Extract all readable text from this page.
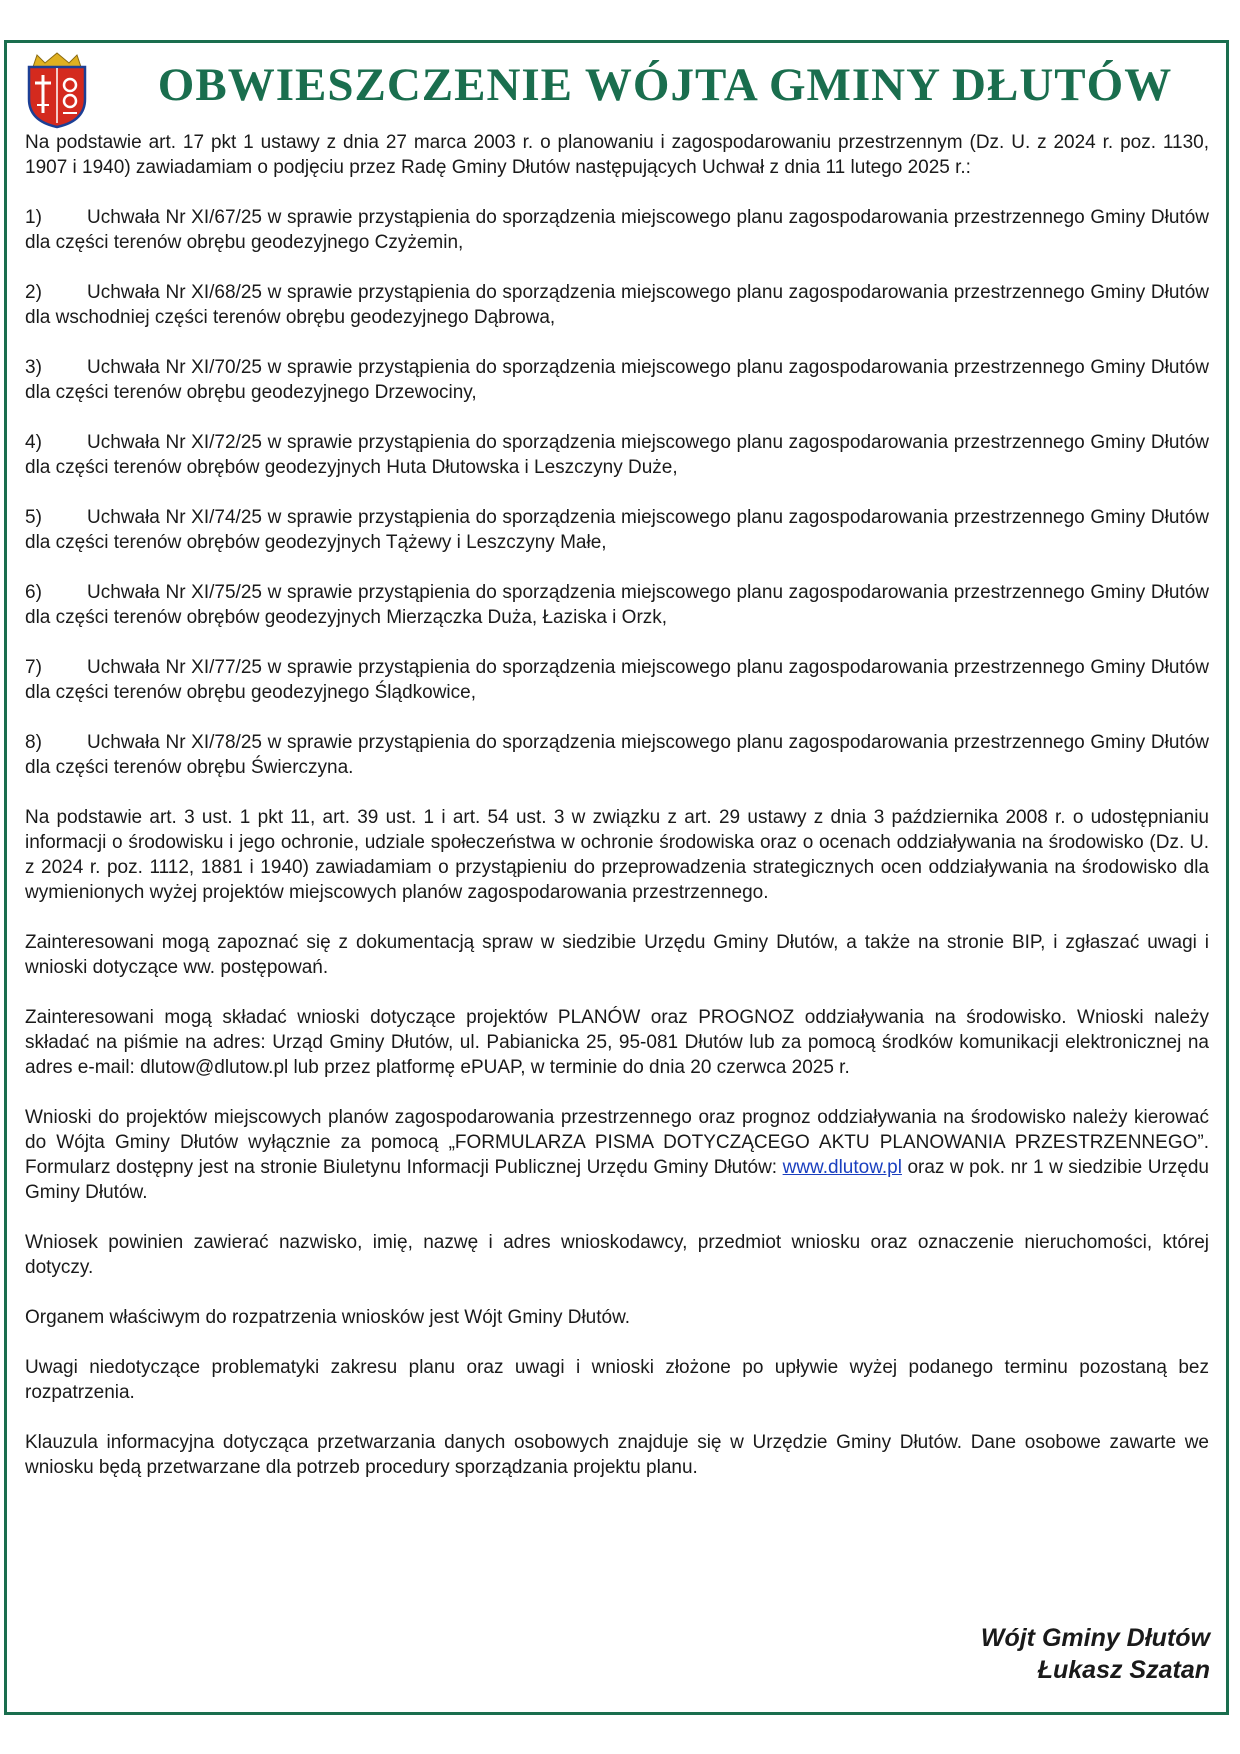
OBWIESZCZENIE WÓJTA GMINY DŁUTÓW

Na podstawie art. 17 pkt 1 ustawy z dnia 27 marca 2003 r. o planowaniu i zagospodarowaniu przestrzennym (Dz. U. z 2024 r. poz. 1130, 1907 i 1940) zawiadamiam o podjęciu przez Radę Gminy Dłutów następujących Uchwał z dnia 11 lutego 2025 r.:

1) Uchwała Nr XI/67/25 w sprawie przystąpienia do sporządzenia miejscowego planu zagospodarowania przestrzennego Gminy Dłutów dla części terenów obrębu geodezyjnego Czyżemin,

2) Uchwała Nr XI/68/25 w sprawie przystąpienia do sporządzenia miejscowego planu zagospodarowania przestrzennego Gminy Dłutów dla wschodniej części terenów obrębu geodezyjnego Dąbrowa,

3) Uchwała Nr XI/70/25 w sprawie przystąpienia do sporządzenia miejscowego planu zagospodarowania przestrzennego Gminy Dłutów dla części terenów obrębu geodezyjnego Drzewociny,

4) Uchwała Nr XI/72/25 w sprawie przystąpienia do sporządzenia miejscowego planu zagospodarowania przestrzennego Gminy Dłutów dla części terenów obrębów geodezyjnych Huta Dłutowska i Leszczyny Duże,

5) Uchwała Nr XI/74/25 w sprawie przystąpienia do sporządzenia miejscowego planu zagospodarowania przestrzennego Gminy Dłutów dla części terenów obrębów geodezyjnych Tążewy i Leszczyny Małe,

6) Uchwała Nr XI/75/25 w sprawie przystąpienia do sporządzenia miejscowego planu zagospodarowania przestrzennego Gminy Dłutów dla części terenów obrębów geodezyjnych Mierzączka Duża, Łaziska i Orzk,

7) Uchwała Nr XI/77/25 w sprawie przystąpienia do sporządzenia miejscowego planu zagospodarowania przestrzennego Gminy Dłutów dla części terenów obrębu geodezyjnego Ślądkowice,

8) Uchwała Nr XI/78/25 w sprawie przystąpienia do sporządzenia miejscowego planu zagospodarowania przestrzennego Gminy Dłutów dla części terenów obrębu Świerczyna.

Na podstawie art. 3 ust. 1 pkt 11, art. 39 ust. 1 i art. 54 ust. 3 w związku z art. 29 ustawy z dnia 3 października 2008 r. o udostępnianiu informacji o środowisku i jego ochronie, udziale społeczeństwa w ochronie środowiska oraz o ocenach oddziaływania na środowisko (Dz. U. z 2024 r. poz. 1112, 1881 i 1940) zawiadamiam o przystąpieniu do przeprowadzenia strategicznych ocen oddziaływania na środowisko dla wymienionych wyżej projektów miejscowych planów zagospodarowania przestrzennego.

Zainteresowani mogą zapoznać się z dokumentacją spraw w siedzibie Urzędu Gminy Dłutów, a także na stronie BIP, i zgłaszać uwagi i wnioski dotyczące ww. postępowań.

Zainteresowani mogą składać wnioski dotyczące projektów PLANÓW oraz PROGNOZ oddziaływania na środowisko. Wnioski należy składać na piśmie na adres: Urząd Gminy Dłutów, ul. Pabianicka 25, 95-081 Dłutów lub za pomocą środków komunikacji elektronicznej na adres e-mail: dlutow@dlutow.pl lub przez platformę ePUAP, w terminie do dnia 20 czerwca 2025 r.

Wnioski do projektów miejscowych planów zagospodarowania przestrzennego oraz prognoz oddziaływania na środowisko należy kierować do Wójta Gminy Dłutów wyłącznie za pomocą „FORMULARZA PISMA DOTYCZĄCEGO AKTU PLANOWANIA PRZESTRZENNEGO”. Formularz dostępny jest na stronie Biuletynu Informacji Publicznej Urzędu Gminy Dłutów: www.dlutow.pl oraz w pok. nr 1 w siedzibie Urzędu Gminy Dłutów.

Wniosek powinien zawierać nazwisko, imię, nazwę i adres wnioskodawcy, przedmiot wniosku oraz oznaczenie nieruchomości, której dotyczy.

Organem właściwym do rozpatrzenia wniosków jest Wójt Gminy Dłutów.

Uwagi niedotyczące problematyki zakresu planu oraz uwagi i wnioski złożone po upływie wyżej podanego terminu pozostaną bez rozpatrzenia.

Klauzula informacyjna dotycząca przetwarzania danych osobowych znajduje się w Urzędzie Gminy Dłutów. Dane osobowe zawarte we wniosku będą przetwarzane dla potrzeb procedury sporządzania projektu planu.

Wójt Gminy Dłutów
Łukasz Szatan
